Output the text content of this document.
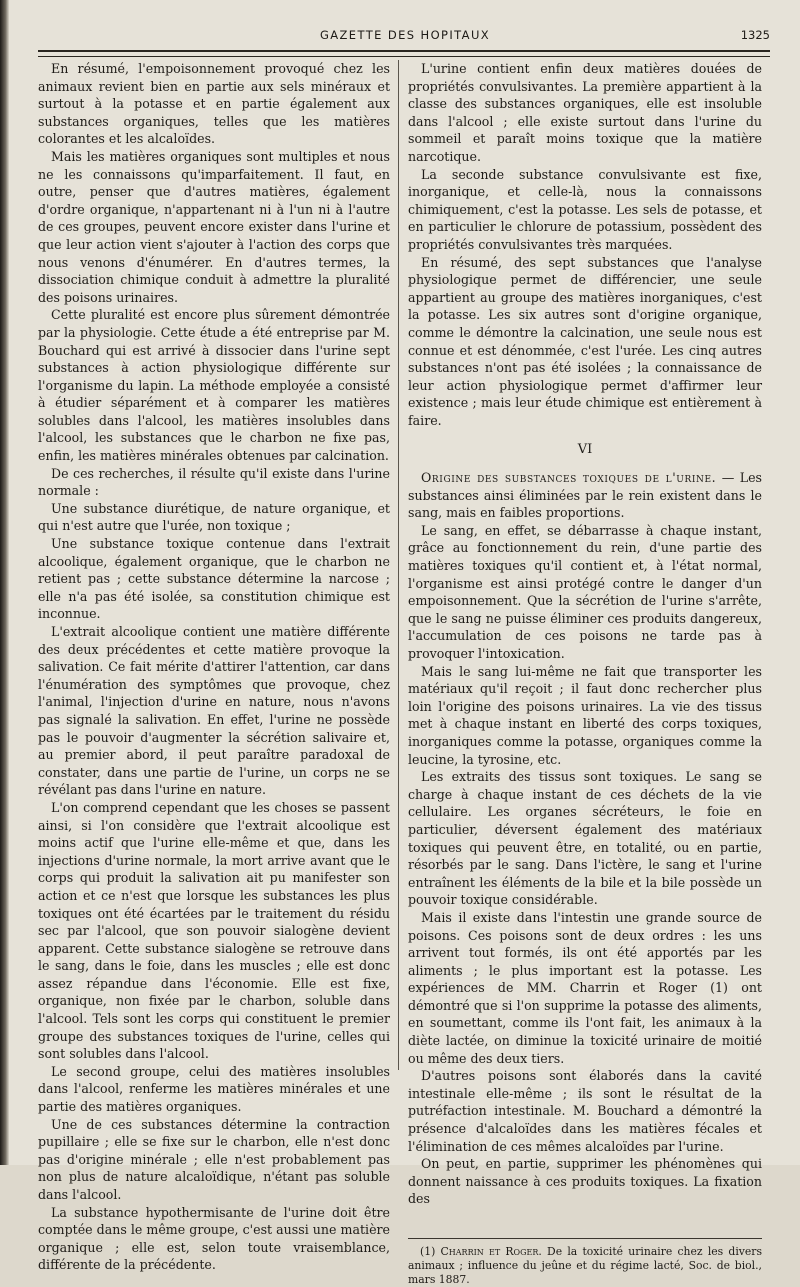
GAZETTE DES HOPITAUX	1325

En résumé, l'empoisonnement provoqué chez les animaux revient bien en partie aux sels minéraux et surtout à la potasse et en partie également aux substances organiques, telles que les matières colorantes et les alcaloïdes.

Mais les matières organiques sont multiples et nous ne les connaissons qu'imparfaitement. Il faut, en outre, penser que d'autres matières, également d'ordre organique, n'appartenant ni à l'un ni à l'autre de ces groupes, peuvent encore exister dans l'urine et que leur action vient s'ajouter à l'action des corps que nous venons d'énumérer. En d'autres termes, la dissociation chimique conduit à admettre la pluralité des poisons urinaires.

Cette pluralité est encore plus sûrement démontrée par la physiologie. Cette étude a été entreprise par M. Bouchard qui est arrivé à dissocier dans l'urine sept substances à action physiologique différente sur l'organisme du lapin. La méthode employée a consisté à étudier séparément et à comparer les matières solubles dans l'alcool, les matières insolubles dans l'alcool, les substances que le charbon ne fixe pas, enfin, les matières minérales obtenues par calcination.

De ces recherches, il résulte qu'il existe dans l'urine normale :

Une substance diurétique, de nature organique, et qui n'est autre que l'urée, non toxique ;

Une substance toxique contenue dans l'extrait alcoolique, également organique, que le charbon ne retient pas ; cette substance détermine la narcose ; elle n'a pas été isolée, sa constitution chimique est inconnue.

L'extrait alcoolique contient une matière différente des deux précédentes et cette matière provoque la salivation. Ce fait mérite d'attirer l'attention, car dans l'énumération des symptômes que provoque, chez l'animal, l'injection d'urine en nature, nous n'avons pas signalé la salivation. En effet, l'urine ne possède pas le pouvoir d'augmenter la sécrétion salivaire et, au premier abord, il peut paraître paradoxal de constater, dans une partie de l'urine, un corps ne se révélant pas dans l'urine en nature.

L'on comprend cependant que les choses se passent ainsi, si l'on considère que l'extrait alcoolique est moins actif que l'urine elle-même et que, dans les injections d'urine normale, la mort arrive avant que le corps qui produit la salivation ait pu manifester son action et ce n'est que lorsque les substances les plus toxiques ont été écartées par le traitement du résidu sec par l'alcool, que son pouvoir sialogène devient apparent. Cette substance sialogène se retrouve dans le sang, dans le foie, dans les muscles ; elle est donc assez répandue dans l'économie. Elle est fixe, organique, non fixée par le charbon, soluble dans l'alcool. Tels sont les corps qui constituent le premier groupe des substances toxiques de l'urine, celles qui sont solubles dans l'alcool.

Le second groupe, celui des matières insolubles dans l'alcool, renferme les matières minérales et une partie des matières organiques.

Une de ces substances détermine la contraction pupillaire ; elle se fixe sur le charbon, elle n'est donc pas d'origine minérale ; elle n'est probablement pas non plus de nature alcaloïdique, n'étant pas soluble dans l'alcool.

La substance hypothermisante de l'urine doit être comptée dans le même groupe, c'est aussi une matière organique ; elle est, selon toute vraisemblance, différente de la précédente.

L'urine contient enfin deux matières douées de propriétés convulsivantes. La première appartient à la classe des substances organiques, elle est insoluble dans l'alcool ; elle existe surtout dans l'urine du sommeil et paraît moins toxique que la matière narcotique.

La seconde substance convulsivante est fixe, inorganique, et celle-là, nous la connaissons chimiquement, c'est la potasse. Les sels de potasse, et en particulier le chlorure de potassium, possèdent des propriétés convulsivantes très marquées.

En résumé, des sept substances que l'analyse physiologique permet de différencier, une seule appartient au groupe des matières inorganiques, c'est la potasse. Les six autres sont d'origine organique, comme le démontre la calcination, une seule nous est connue et est dénommée, c'est l'urée. Les cinq autres substances n'ont pas été isolées ; la connaissance de leur action physiologique permet d'affirmer leur existence ; mais leur étude chimique est entièrement à faire.

VI

Origine des substances toxiques de l'urine. — Les substances ainsi éliminées par le rein existent dans le sang, mais en faibles proportions.

Le sang, en effet, se débarrasse à chaque instant, grâce au fonctionnement du rein, d'une partie des matières toxiques qu'il contient et, à l'état normal, l'organisme est ainsi protégé contre le danger d'un empoisonnement. Que la sécrétion de l'urine s'arrête, que le sang ne puisse éliminer ces produits dangereux, l'accumulation de ces poisons ne tarde pas à provoquer l'intoxication.

Mais le sang lui-même ne fait que transporter les matériaux qu'il reçoit ; il faut donc rechercher plus loin l'origine des poisons urinaires. La vie des tissus met à chaque instant en liberté des corps toxiques, inorganiques comme la potasse, organiques comme la leucine, la tyrosine, etc.

Les extraits des tissus sont toxiques. Le sang se charge à chaque instant de ces déchets de la vie cellulaire. Les organes sécréteurs, le foie en particulier, déversent également des matériaux toxiques qui peuvent être, en totalité, ou en partie, résorbés par le sang. Dans l'ictère, le sang et l'urine entraînent les éléments de la bile et la bile possède un pouvoir toxique considérable.

Mais il existe dans l'intestin une grande source de poisons. Ces poisons sont de deux ordres : les uns arrivent tout formés, ils ont été apportés par les aliments ; le plus important est la potasse. Les expériences de MM. Charrin et Roger (1) ont démontré que si l'on supprime la potasse des aliments, en soumettant, comme ils l'ont fait, les animaux à la diète lactée, on diminue la toxicité urinaire de moitié ou même des deux tiers.

D'autres poisons sont élaborés dans la cavité intestinale elle-même ; ils sont le résultat de la putréfaction intestinale. M. Bouchard a démontré la présence d'alcaloïdes dans les matières fécales et l'élimination de ces mêmes alcaloïdes par l'urine.

On peut, en partie, supprimer les phénomènes qui donnent naissance à ces produits toxiques. La fixation des

(1) Charrin et Roger. De la toxicité urinaire chez les divers animaux ; influence du jeûne et du régime lacté, Soc. de biol., mars 1887.
